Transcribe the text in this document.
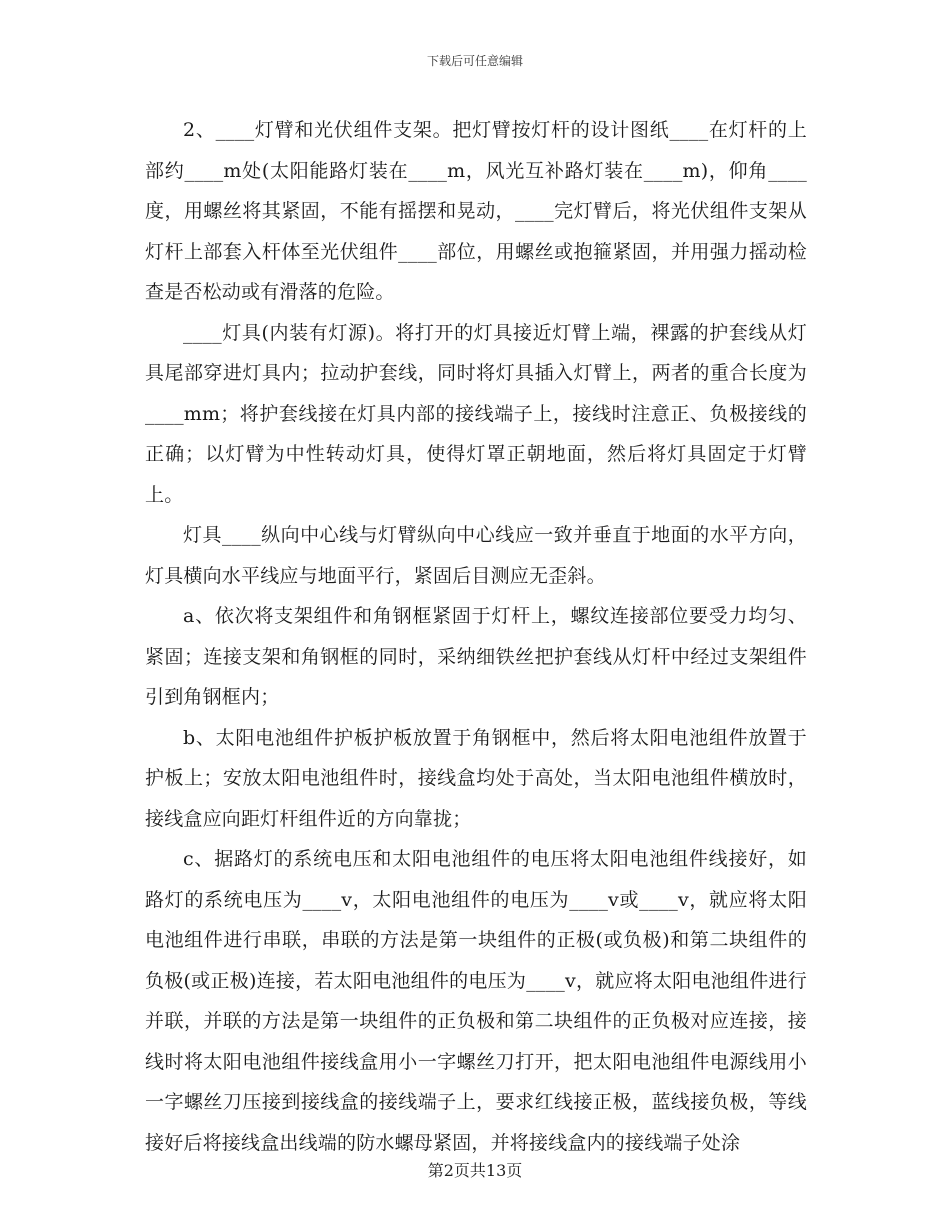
下载后可任意编辑

2、____灯臂和光伏组件支架。把灯臂按灯杆的设计图纸____在灯杆的上部约____m处(太阳能路灯装在____m，风光互补路灯装在____m)，仰角____度，用螺丝将其紧固，不能有摇摆和晃动，____完灯臂后，将光伏组件支架从灯杆上部套入杆体至光伏组件____部位，用螺丝或抱箍紧固，并用强力摇动检查是否松动或有滑落的危险。

____灯具(内装有灯源)。将打开的灯具接近灯臂上端，裸露的护套线从灯具尾部穿进灯具内；拉动护套线，同时将灯具插入灯臂上，两者的重合长度为____mm；将护套线接在灯具内部的接线端子上，接线时注意正、负极接线的正确；以灯臂为中性转动灯具，使得灯罩正朝地面，然后将灯具固定于灯臂上。

灯具____纵向中心线与灯臂纵向中心线应一致并垂直于地面的水平方向，灯具横向水平线应与地面平行，紧固后目测应无歪斜。

a、依次将支架组件和角钢框紧固于灯杆上，螺纹连接部位要受力均匀、紧固；连接支架和角钢框的同时，采纳细铁丝把护套线从灯杆中经过支架组件引到角钢框内；

b、太阳电池组件护板护板放置于角钢框中，然后将太阳电池组件放置于护板上；安放太阳电池组件时，接线盒均处于高处，当太阳电池组件横放时，接线盒应向距灯杆组件近的方向靠拢；

c、据路灯的系统电压和太阳电池组件的电压将太阳电池组件线接好，如路灯的系统电压为____v，太阳电池组件的电压为____v或____v，就应将太阳电池组件进行串联，串联的方法是第一块组件的正极(或负极)和第二块组件的负极(或正极)连接，若太阳电池组件的电压为____v，就应将太阳电池组件进行并联，并联的方法是第一块组件的正负极和第二块组件的正负极对应连接，接线时将太阳电池组件接线盒用小一字螺丝刀打开，把太阳电池组件电源线用小一字螺丝刀压接到接线盒的接线端子上，要求红线接正极，蓝线接负极，等线接好后将接线盒出线端的防水螺母紧固，并将接线盒内的接线端子处涂

第2页共13页
